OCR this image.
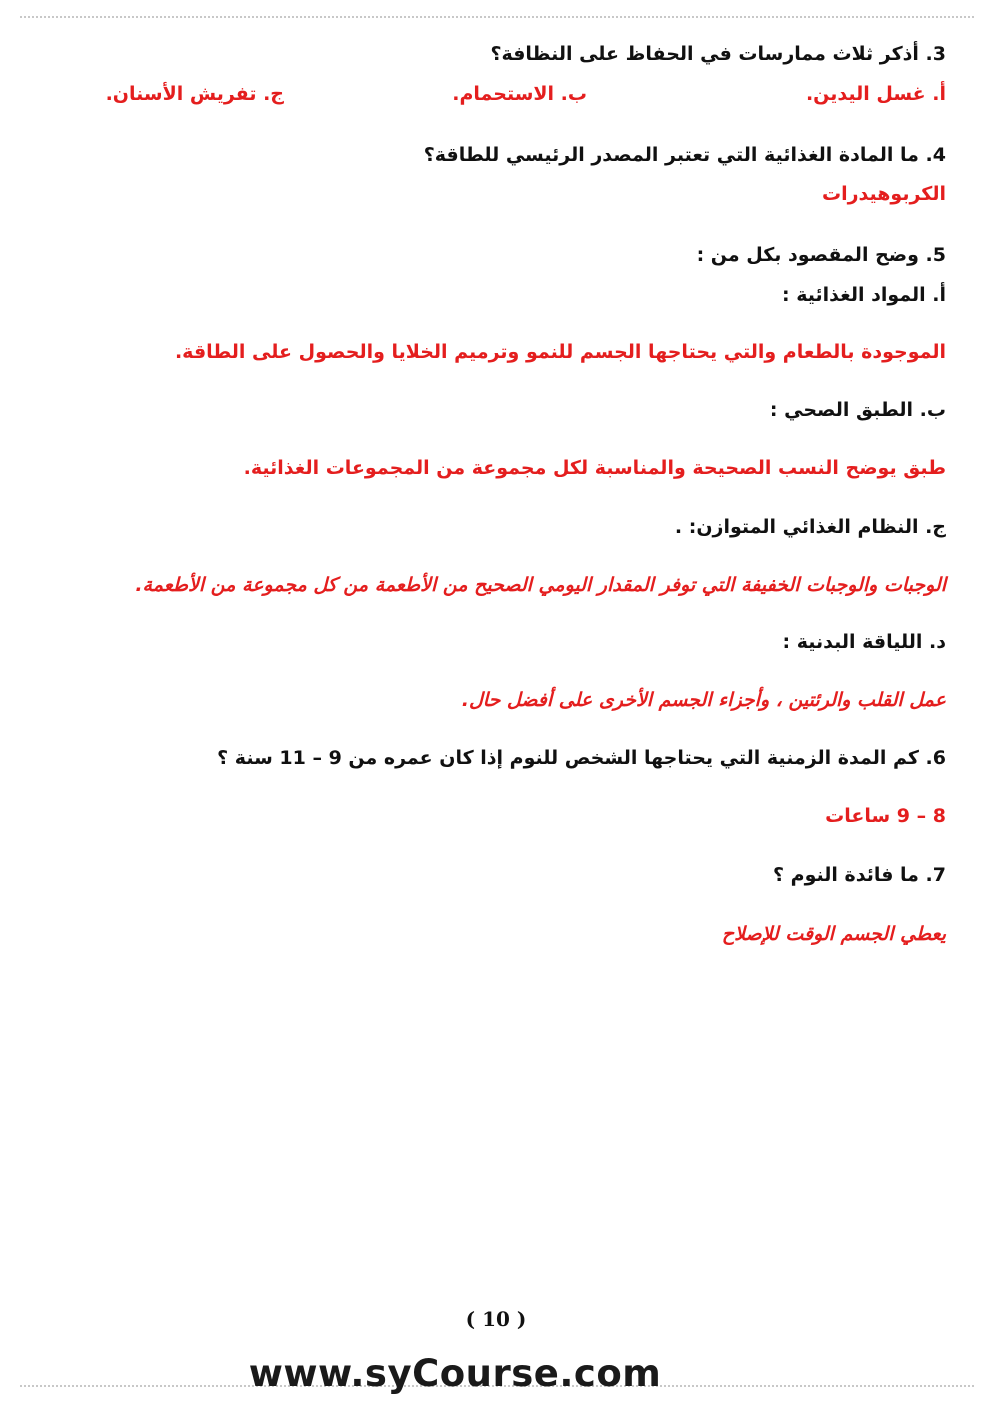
3. أذكر ثلاث ممارسات في الحفاظ على النظافة؟
أ. غسل اليدين.
ب. الاستحمام.
ج. تفريش الأسنان.
4. ما المادة الغذائية التي تعتبر المصدر الرئيسي للطاقة؟
الكربوهيدرات
5. وضح المقصود بكل من :
أ. المواد الغذائية :
الموجودة بالطعام والتي يحتاجها الجسم للنمو وترميم الخلايا والحصول على الطاقة.
ب. الطبق الصحي :
طبق يوضح النسب الصحيحة والمناسبة لكل مجموعة من المجموعات الغذائية.
ج. النظام الغذائي المتوازن: .
الوجبات والوجبات الخفيفة التي توفر المقدار اليومي الصحيح من الأطعمة من كل مجموعة من الأطعمة.
د. اللياقة البدنية :
عمل القلب والرئتين ، وأجزاء الجسم الأخرى على أفضل حال.
6. كم المدة الزمنية التي يحتاجها الشخص للنوم إذا كان عمره من 9 – 11 سنة ؟
8 – 9 ساعات
7. ما فائدة النوم ؟
يعطي الجسم الوقت للإصلاح
( 10 )
www.syCourse.com
